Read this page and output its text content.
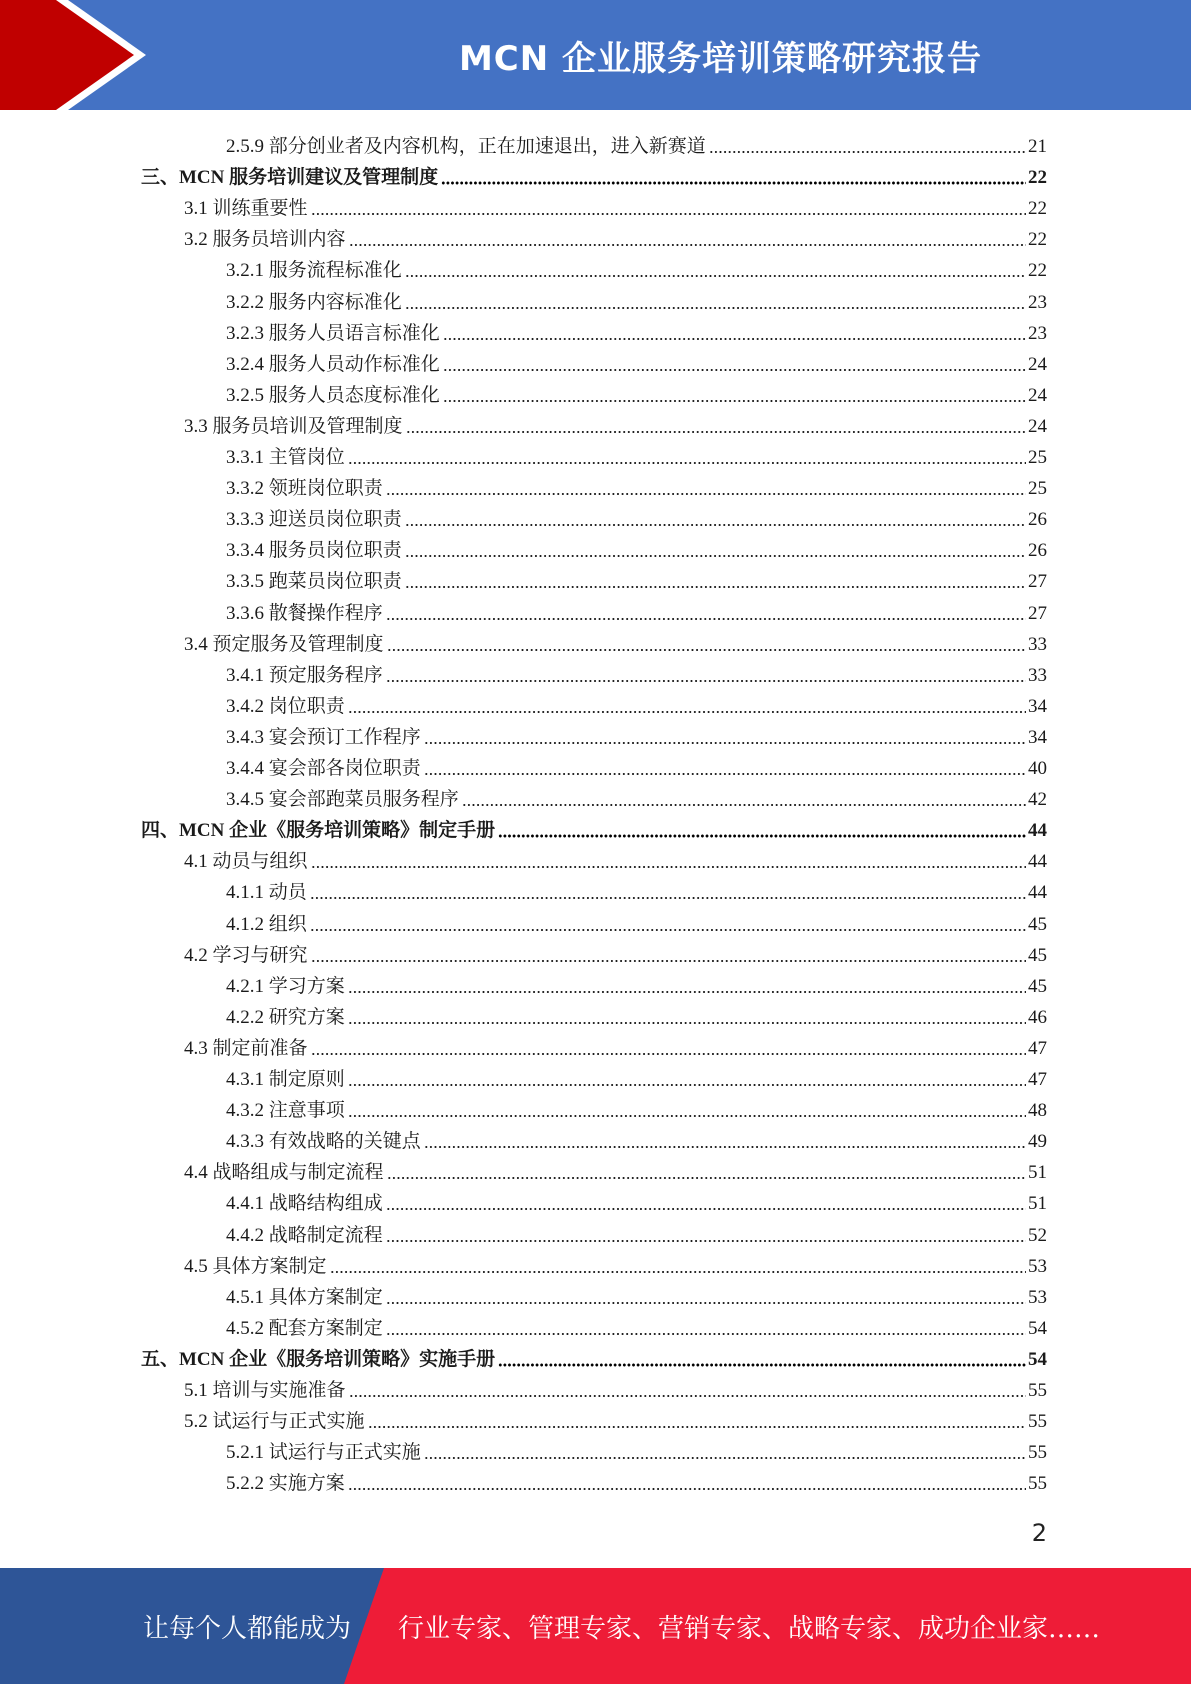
MCN 企业服务培训策略研究报告
2.5.9 部分创业者及内容机构，正在加速退出，进入新赛道	21
三、MCN 服务培训建议及管理制度	22
3.1 训练重要性	22
3.2 服务员培训内容	22
3.2.1 服务流程标准化	22
3.2.2 服务内容标准化	23
3.2.3 服务人员语言标准化	23
3.2.4 服务人员动作标准化	24
3.2.5 服务人员态度标准化	24
3.3 服务员培训及管理制度	24
3.3.1 主管岗位	25
3.3.2 领班岗位职责	25
3.3.3 迎送员岗位职责	26
3.3.4 服务员岗位职责	26
3.3.5 跑菜员岗位职责	27
3.3.6 散餐操作程序	27
3.4 预定服务及管理制度	33
3.4.1 预定服务程序	33
3.4.2 岗位职责	34
3.4.3 宴会预订工作程序	34
3.4.4 宴会部各岗位职责	40
3.4.5 宴会部跑菜员服务程序	42
四、MCN 企业《服务培训策略》制定手册	44
4.1 动员与组织	44
4.1.1 动员	44
4.1.2 组织	45
4.2 学习与研究	45
4.2.1 学习方案	45
4.2.2 研究方案	46
4.3 制定前准备	47
4.3.1 制定原则	47
4.3.2 注意事项	48
4.3.3 有效战略的关键点	49
4.4 战略组成与制定流程	51
4.4.1 战略结构组成	51
4.4.2 战略制定流程	52
4.5 具体方案制定	53
4.5.1 具体方案制定	53
4.5.2 配套方案制定	54
五、MCN 企业《服务培训策略》实施手册	54
5.1 培训与实施准备	55
5.2 试运行与正式实施	55
5.2.1 试运行与正式实施	55
5.2.2 实施方案	55
2
让每个人都能成为 行业专家、管理专家、营销专家、战略专家、成功企业家……
